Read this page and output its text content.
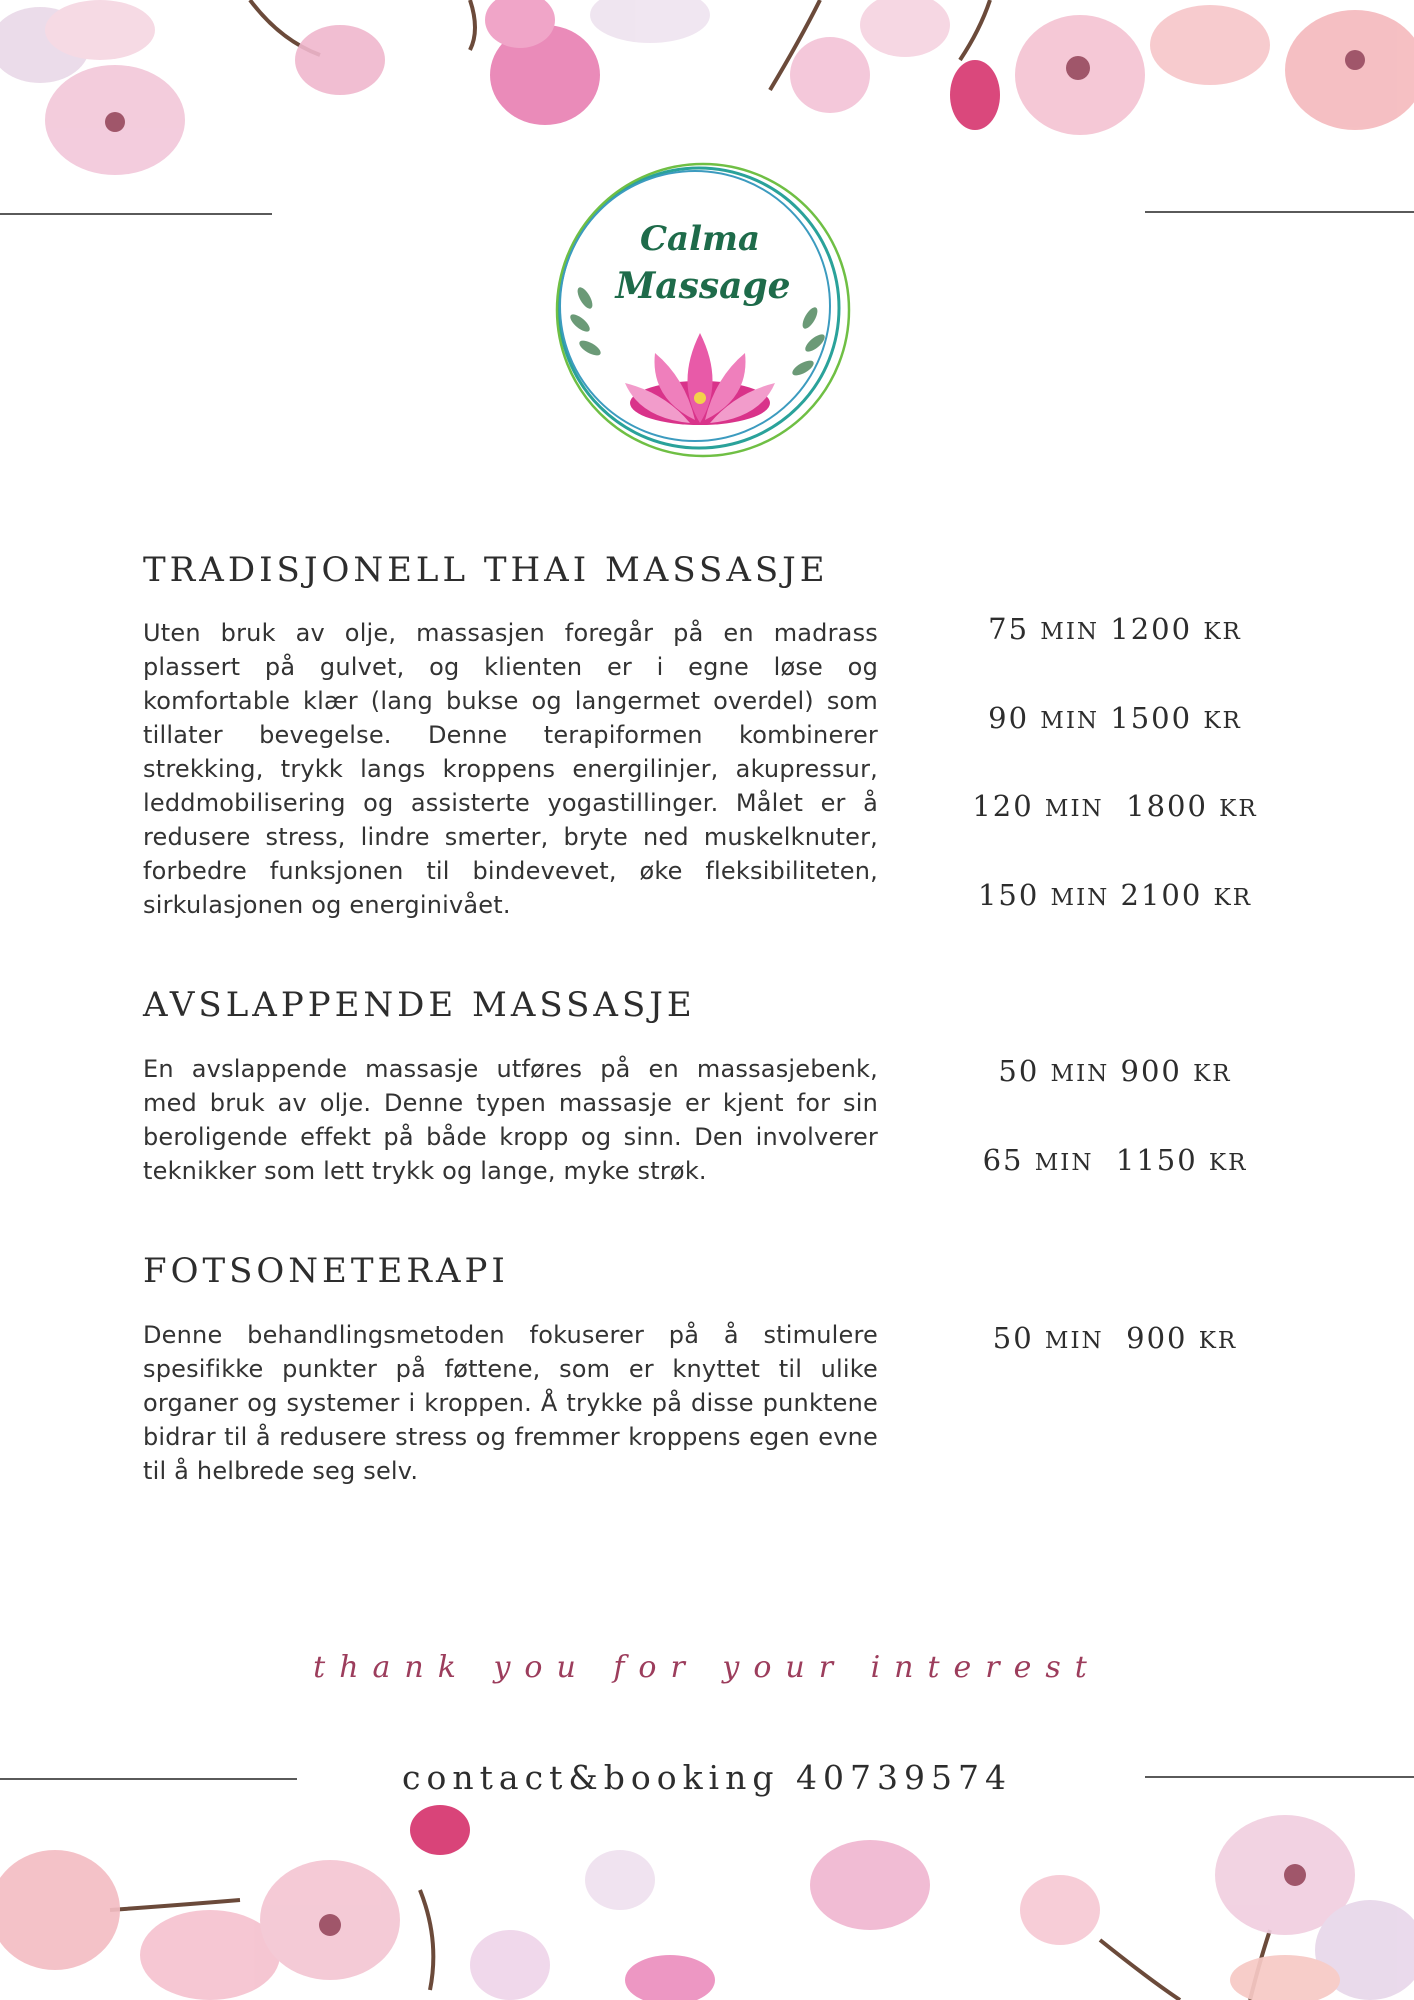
Calma
Massage
TRADISJONELL THAI MASSASJE

Uten bruk av olje, massasjen foregår på en madrass plassert på gulvet, og klienten er i egne løse og komfortable klær (lang bukse og langermet overdel) som tillater bevegelse. Denne terapiformen kombinerer strekking, trykk langs kroppens energilinjer, akupressur, leddmobilisering og assisterte yogastillinger. Målet er å redusere stress, lindre smerter, bryte ned muskelknuter, forbedre funksjonen til bindevevet, øke fleksibiliteten, sirkulasjonen og energinivået.

75 MIN 1200 KR
90 MIN 1500 KR
120 MIN 1800 KR
150 MIN 2100 KR
AVSLAPPENDE MASSASJE

En avslappende massasje utføres på en massasjebenk, med bruk av olje. Denne typen massasje er kjent for sin beroligende effekt på både kropp og sinn. Den involverer teknikker som lett trykk og lange, myke strøk.

50 MIN 900 KR
65 MIN 1150 KR
FOTSONETERAPI

Denne behandlingsmetoden fokuserer på å stimulere spesifikke punkter på føttene, som er knyttet til ulike organer og systemer i kroppen. Å trykke på disse punktene bidrar til å redusere stress og fremmer kroppens egen evne til å helbrede seg selv.

50 MIN 900 KR

thank you for your interest

contact&booking 40739574
